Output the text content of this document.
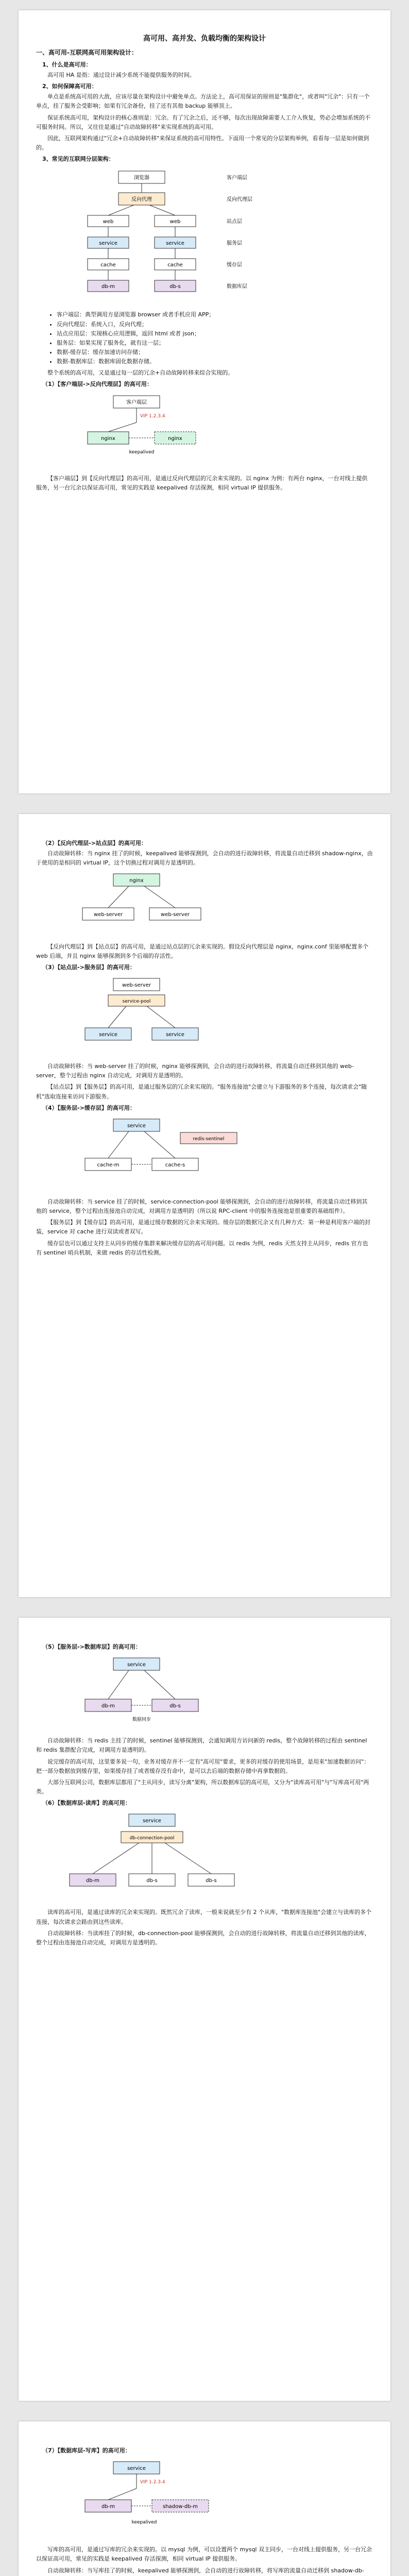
高可用、高并发、负载均衡的架构设计
一、高可用-互联网高可用架构设计：
1、什么是高可用：

高可用 HA 是指：通过设计减少系统不能提供服务的时间。

2、如何保障高可用：

单点是系统高可用的大敌，应该尽量在架构设计中避免单点。方法论上，高可用保证的原则是"集群化"，或者叫"冗余"：只有一个单点，挂了服务会受影响；如果有冗余备份，挂了还有其他 backup 能够顶上。

保证系统高可用，架构设计的核心准则是：冗余。有了冗余之后，还不够，每次出现故障需要人工介入恢复，势必会增加系统的不可服务时间。所以，又往往是通过"自动故障转移"来实现系统的高可用。

因此，互联网架构通过"冗余+自动故障转移"来保证系统的高可用特性。下面用一个常见的分层架构举例，看看每一层是如何做到的。

3、常见的互联网分层架构：
浏览器
反向代理
web	web
service	service
cache	cache
db-m	db-s
客户端层
反向代理层
站点层
服务层
缓存层
数据库层
• 客户端层：典型调用方是浏览器 browser 或者手机应用 APP；
• 反向代理层：系统入口，反向代理；
• 站点应用层：实现核心应用逻辑，返回 html 或者 json；
• 服务层：如果实现了服务化，就有这一层；
• 数据-缓存层：缓存加速访问存储；
• 数据-数据库层：数据库固化数据存储。

整个系统的高可用，又是通过每一层的冗余+自动故障转移来综合实现的。

（1）【客户端层->反向代理层】的高可用：
客户端层
VIP 1.2.3.4
nginx	nginx
keepalived

【客户端层】到【反向代理层】的高可用，是通过反向代理层的冗余来实现的。以 nginx 为例：有两台 nginx，一台对线上提供服务，另一台冗余以保证高可用，常见的实践是 keepalived 存活探测，相同 virtual IP 提供服务。

（2）【反向代理层->站点层】的高可用：

自动故障转移：当 nginx 挂了的时候，keepalived 能够探测到，会自动的进行故障转移，将流量自动迁移到 shadow-nginx，由于使用的是相同的 virtual IP，这个切换过程对调用方是透明的。

nginx
web-server	web-server

【反向代理层】到【站点层】的高可用，是通过站点层的冗余来实现的。假设反向代理层是 nginx，nginx.conf 里能够配置多个 web 后端，并且 nginx 能够探测到多个后端的存活性。

（3）【站点层->服务层】的高可用：
web-server
service-pool
service	service

自动故障转移：当 web-server 挂了的时候，nginx 能够探测到，会自动的进行故障转移，将流量自动迁移到其他的 web-server，整个过程由 nginx 自动完成，对调用方是透明的。

【站点层】到【服务层】的高可用，是通过服务层的冗余来实现的。"服务连接池"会建立与下游服务的多个连接，每次请求会"随机"选取连接来访问下游服务。

（4）【服务层->缓存层】的高可用：
service
cache-m	cache-s
redis-sentinel

自动故障转移：当 service 挂了的时候，service-connection-pool 能够探测到，会自动的进行故障转移，将流量自动迁移到其他的 service，整个过程由连接池自动完成，对调用方是透明的（所以说 RPC-client 中的服务连接池是很重要的基础组件）。

【服务层】到【缓存层】的高可用，是通过缓存数据的冗余来实现的。缓存层的数据冗余又有几种方式：第一种是利用客户端的封装，service 对 cache 进行双读或者双写。

缓存层也可以通过支持主从同步的缓存集群来解决缓存层的高可用问题。以 redis 为例，redis 天然支持主从同步，redis 官方也有 sentinel 哨兵机制，来做 redis 的存活性检测。

（5）【服务层->数据库层】的高可用：
service
db-m	db-s
数据同步

自动故障转移：当 redis 主挂了的时候，sentinel 能够探测到，会通知调用方访问新的 redis，整个故障转移的过程由 sentinel 和 redis 集群配合完成，对调用方是透明的。

说完缓存的高可用，这里要多说一句，业务对缓存并不一定有"高可用"要求，更多的对缓存的使用场景，是用来"加速数据访问"：把一部分数据放到缓存里，如果缓存挂了或者缓存没有命中，是可以去后端的数据存储中再拿数据的。

大部分互联网公司，数据库层都用了"主从同步，读写分离"架构，所以数据库层的高可用，又分为"读库高可用"与"写库高可用"两类。

（6）【数据库层-读库】的高可用：
service
db-connection-pool
db-m	db-s	db-s

读库的高可用，是通过读库的冗余来实现的。既然冗余了读库，一般来说就至少有 2 个从库，"数据库连接池"会建立与读库的多个连接，每次请求会路由到这些读库。

自动故障转移：当读库挂了的时候，db-connection-pool 能够探测到，会自动的进行故障转移，将流量自动迁移到其他的读库，整个过程由连接池自动完成，对调用方是透明的。

（7）【数据库层-写库】的高可用：
service
VIP 1.2.3.4
db-m	shadow-db-m
keepalived

写库的高可用，是通过写库的冗余来实现的。以 mysql 为例，可以设置两个 mysql 双主同步，一台对线上提供服务，另一台冗余以保证高可用，常见的实践是 keepalived 存活探测，相同 virtual IP 提供服务。

自动故障转移：当写库挂了的时候，keepalived 能够探测到，会自动的进行故障转移，将写库的流量自动迁移到 shadow-db-
